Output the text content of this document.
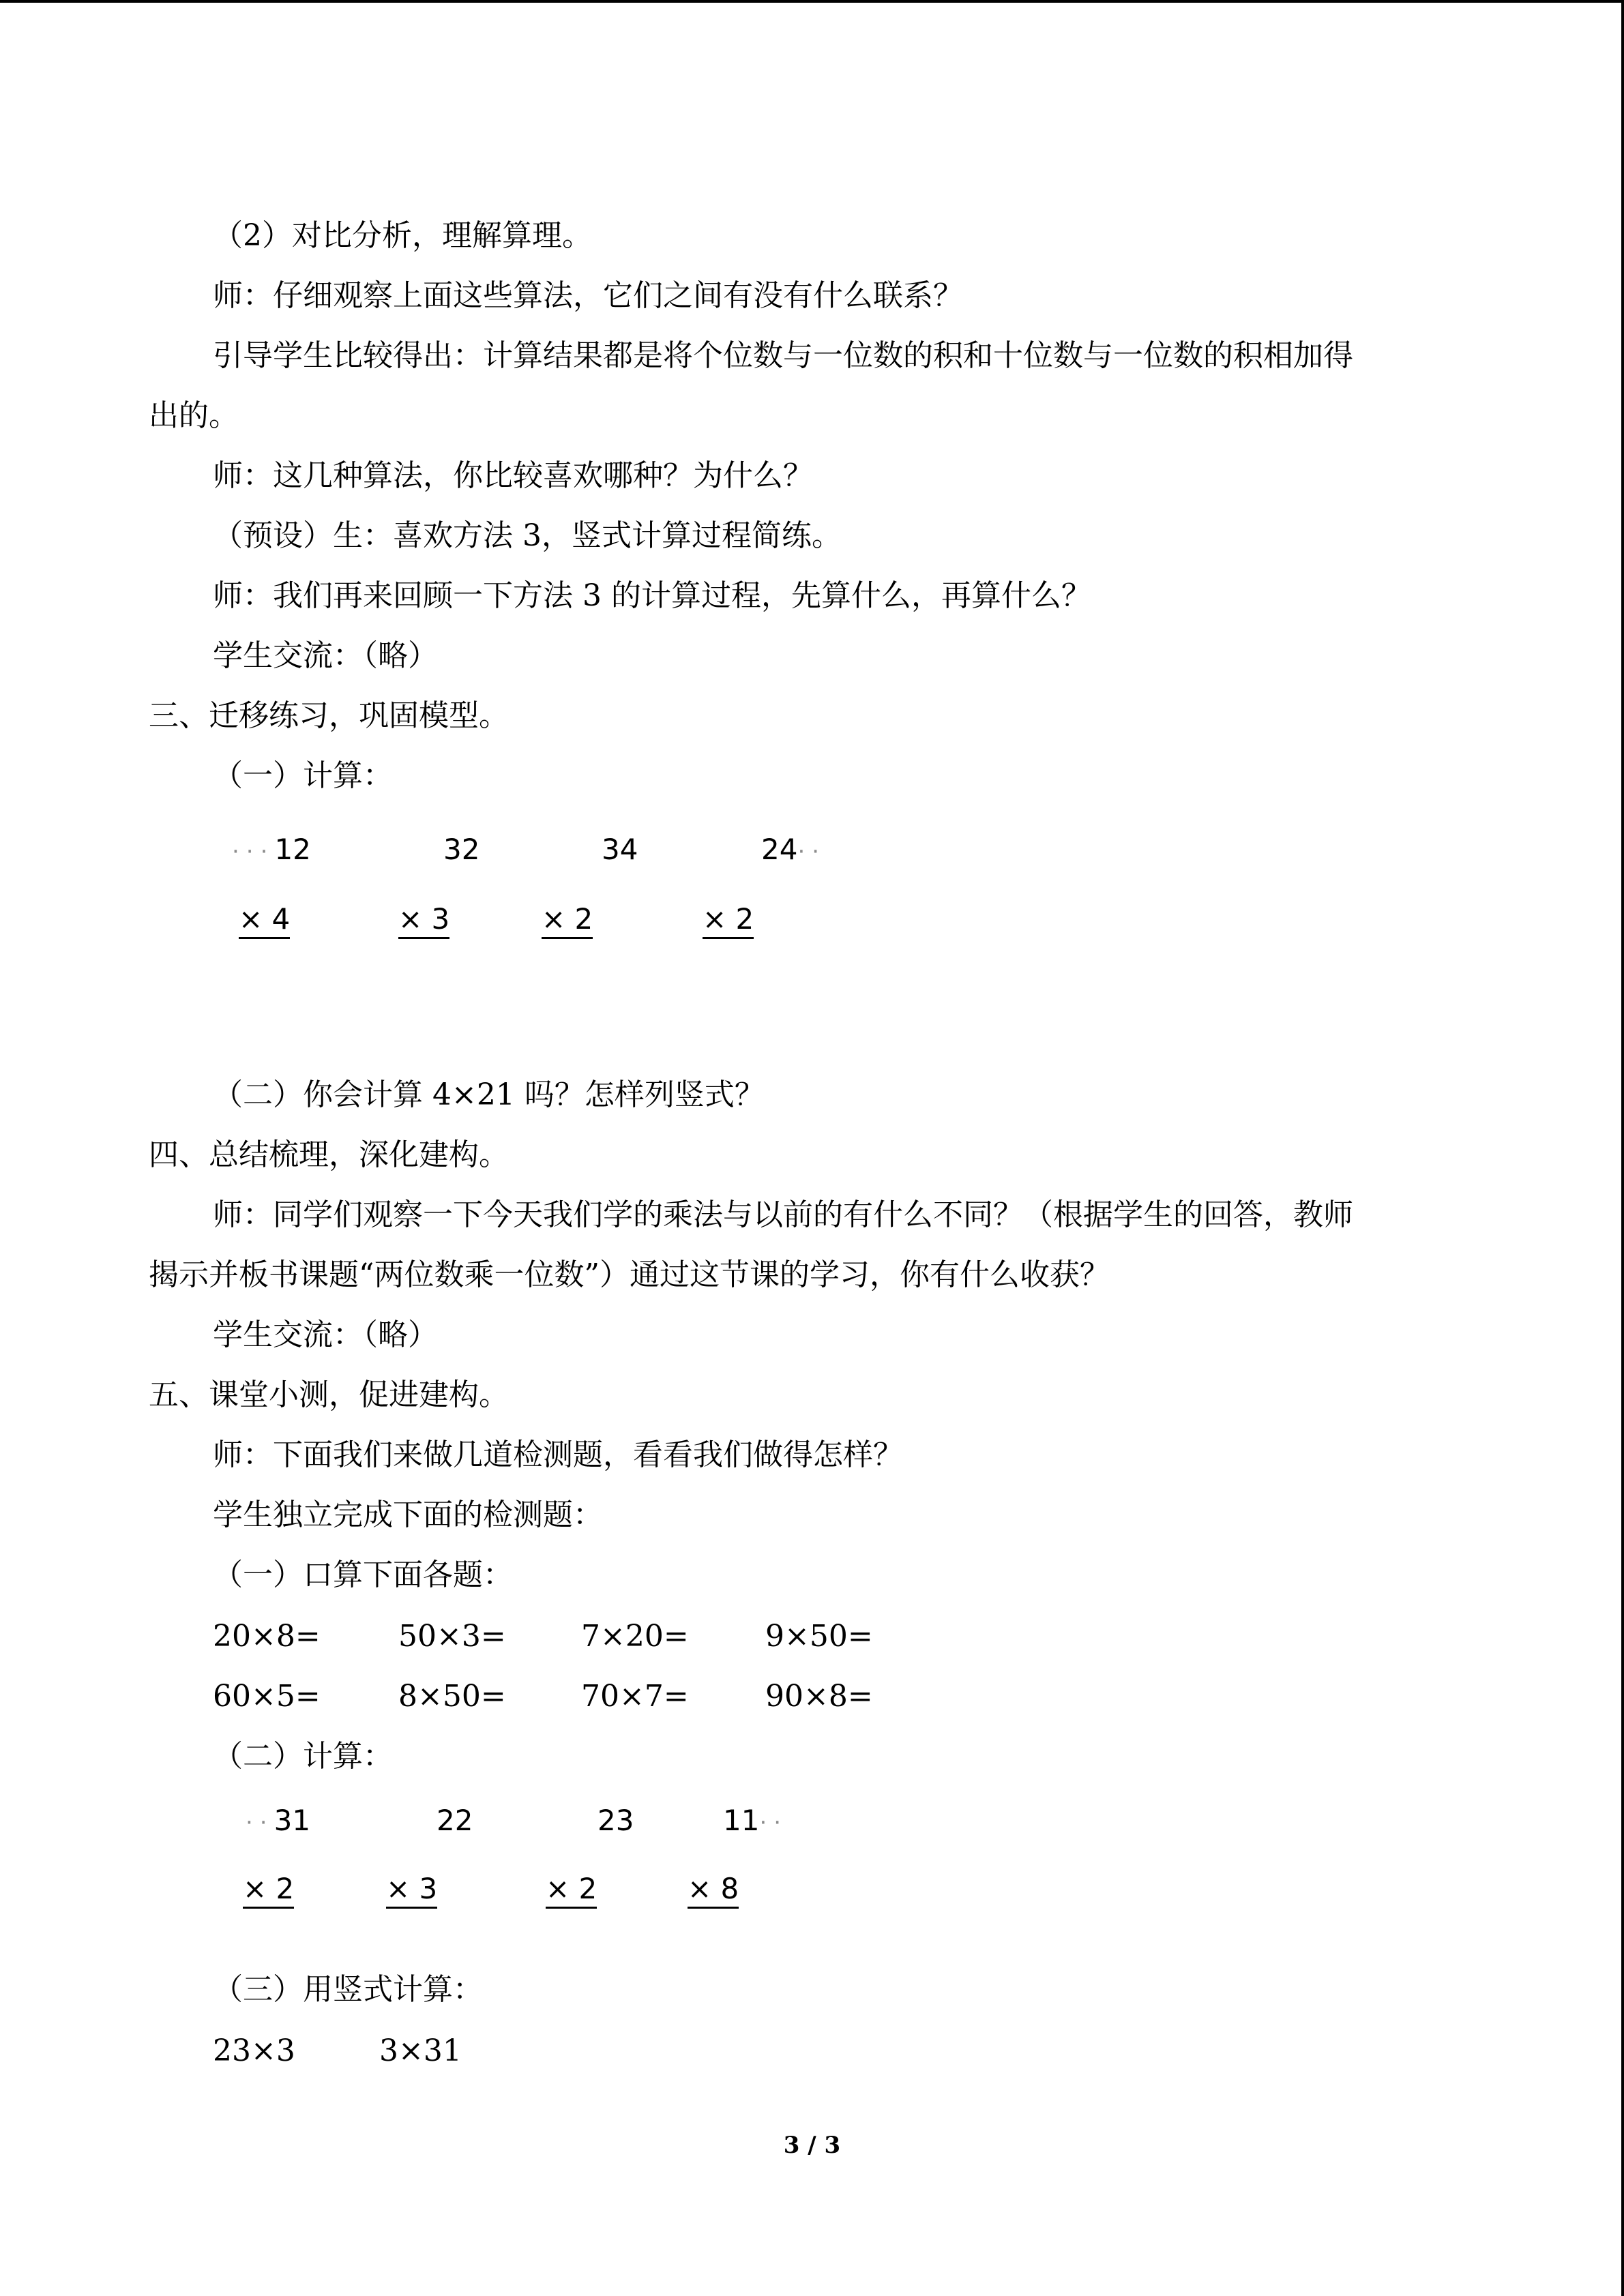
（2）对比分析，理解算理。
师：仔细观察上面这些算法，它们之间有没有什么联系？
引导学生比较得出：计算结果都是将个位数与一位数的积和十位数与一位数的积相加得
出的。
师：这几种算法，你比较喜欢哪种？为什么？
（预设）生：喜欢方法 3，竖式计算过程简练。
师：我们再来回顾一下方法 3 的计算过程，先算什么，再算什么？
学生交流：（略）
三、迁移练习，巩固模型。
（一）计算：
···12	32	34	24··
× 4	× 3	× 2	× 2
（二）你会计算 4×21 吗？怎样列竖式？
四、总结梳理，深化建构。
师：同学们观察一下今天我们学的乘法与以前的有什么不同？（根据学生的回答，教师
揭示并板书课题“两位数乘一位数”）通过这节课的学习，你有什么收获？
学生交流：（略）
五、课堂小测，促进建构。
师：下面我们来做几道检测题，看看我们做得怎样？
学生独立完成下面的检测题：
（一）口算下面各题：
20×8=	50×3=	7×20=	9×50=
60×5=	8×50=	70×7=	90×8=
（二）计算：
··31	22	23	11··
× 2	× 3	× 2	× 8
（三）用竖式计算：
23×3	3×31
3 / 3
